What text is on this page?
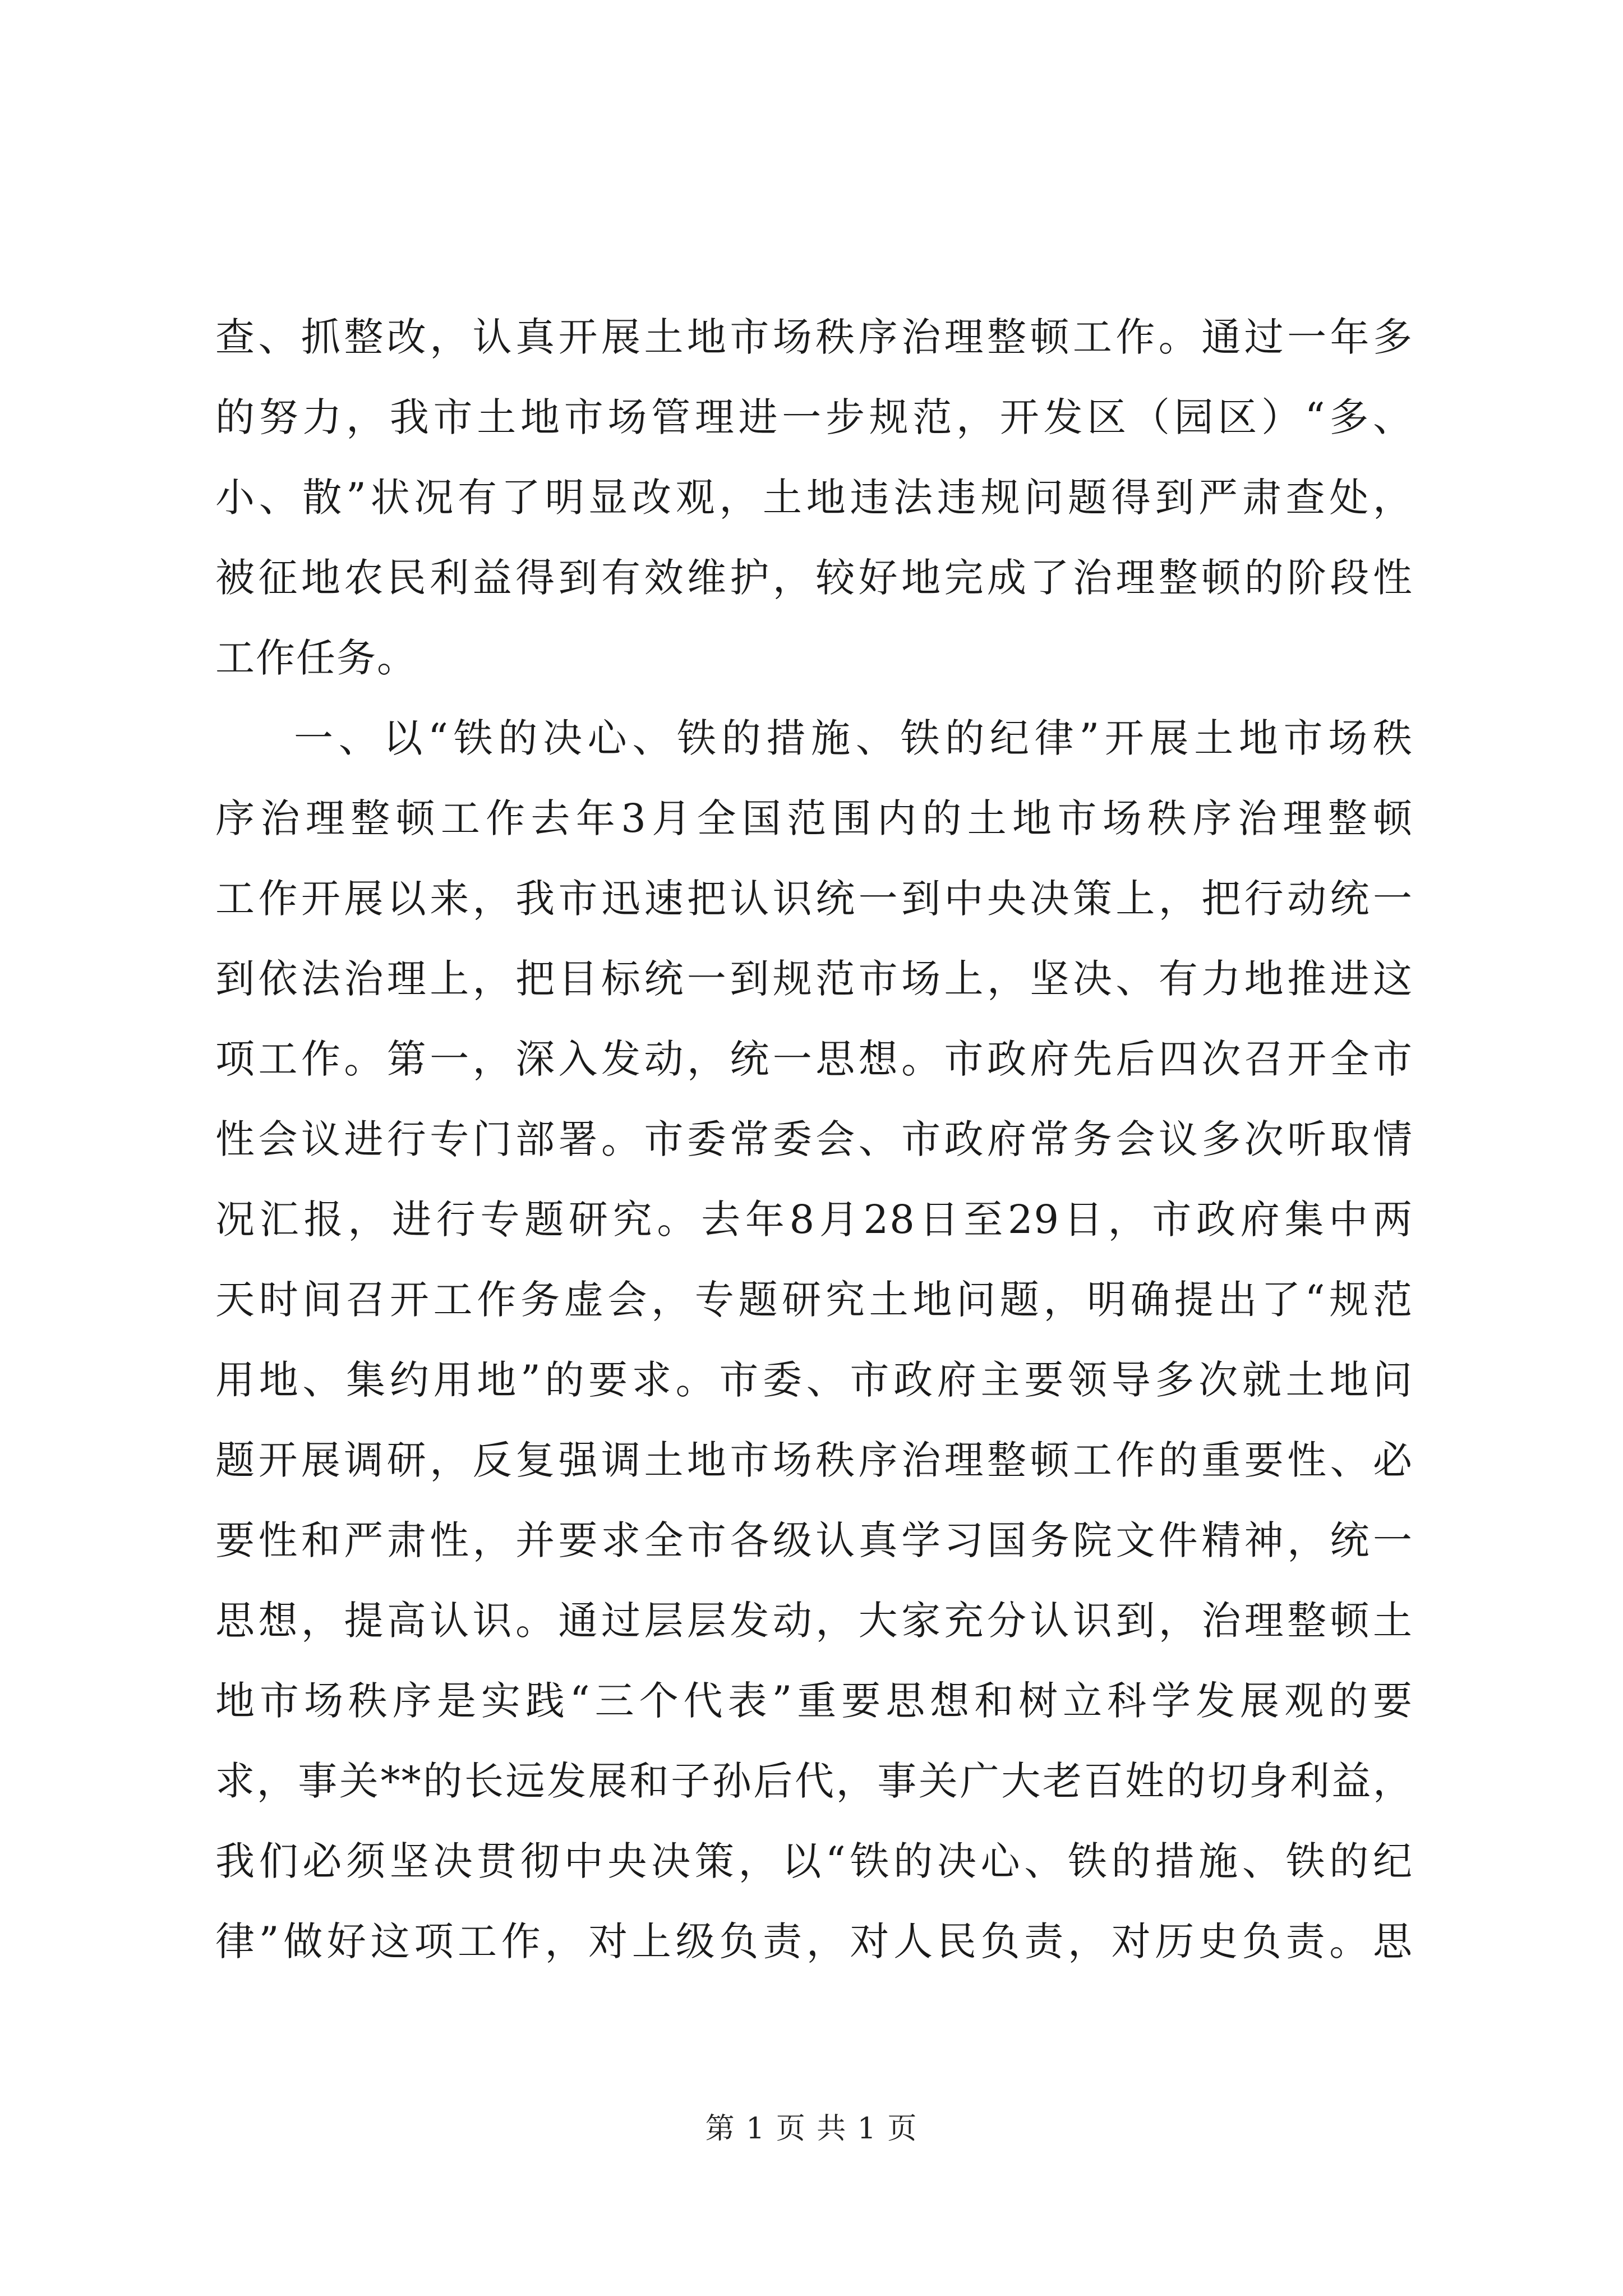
查、抓整改，认真开展土地市场秩序治理整顿工作。通过一年多
的努力，我市土地市场管理进一步规范，开发区（园区）“多、
小、散”状况有了明显改观，土地违法违规问题得到严肃查处，
被征地农民利益得到有效维护，较好地完成了治理整顿的阶段性
工作任务。
一、以“铁的决心、铁的措施、铁的纪律”开展土地市场秩
序治理整顿工作去年3月全国范围内的土地市场秩序治理整顿
工作开展以来，我市迅速把认识统一到中央决策上，把行动统一
到依法治理上，把目标统一到规范市场上，坚决、有力地推进这
项工作。第一，深入发动，统一思想。市政府先后四次召开全市
性会议进行专门部署。市委常委会、市政府常务会议多次听取情
况汇报，进行专题研究。去年8月28日至29日，市政府集中两
天时间召开工作务虚会，专题研究土地问题，明确提出了“规范
用地、集约用地”的要求。市委、市政府主要领导多次就土地问
题开展调研，反复强调土地市场秩序治理整顿工作的重要性、必
要性和严肃性，并要求全市各级认真学习国务院文件精神，统一
思想，提高认识。通过层层发动，大家充分认识到，治理整顿土
地市场秩序是实践“三个代表”重要思想和树立科学发展观的要
求，事关**的长远发展和子孙后代，事关广大老百姓的切身利益，
我们必须坚决贯彻中央决策，以“铁的决心、铁的措施、铁的纪
律”做好这项工作，对上级负责，对人民负责，对历史负责。思
第 1 页 共 1 页
